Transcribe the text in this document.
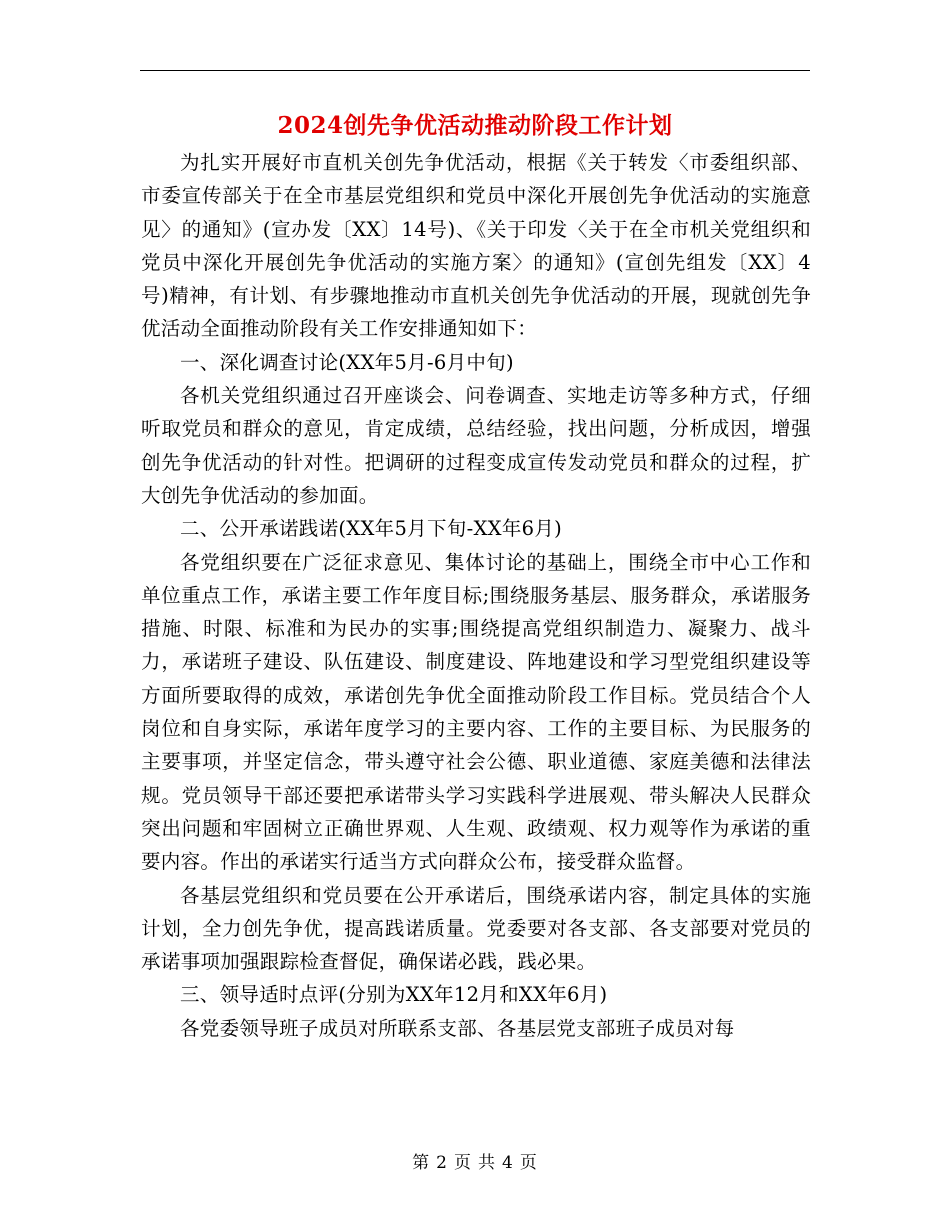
2024创先争优活动推动阶段工作计划

为扎实开展好市直机关创先争优活动，根据《关于转发〈市委组织部、市委宣传部关于在全市基层党组织和党员中深化开展创先争优活动的实施意见〉的通知》(宣办发〔XX〕14号)、《关于印发〈关于在全市机关党组织和党员中深化开展创先争优活动的实施方案〉的通知》(宣创先组发〔XX〕4号)精神，有计划、有步骤地推动市直机关创先争优活动的开展，现就创先争优活动全面推动阶段有关工作安排通知如下：

一、深化调查讨论(XX年5月-6月中旬)

各机关党组织通过召开座谈会、问卷调查、实地走访等多种方式，仔细听取党员和群众的意见，肯定成绩，总结经验，找出问题，分析成因，增强创先争优活动的针对性。把调研的过程变成宣传发动党员和群众的过程，扩大创先争优活动的参加面。

二、公开承诺践诺(XX年5月下旬-XX年6月)

各党组织要在广泛征求意见、集体讨论的基础上，围绕全市中心工作和单位重点工作，承诺主要工作年度目标;围绕服务基层、服务群众，承诺服务措施、时限、标准和为民办的实事;围绕提高党组织制造力、凝聚力、战斗力，承诺班子建设、队伍建设、制度建设、阵地建设和学习型党组织建设等方面所要取得的成效，承诺创先争优全面推动阶段工作目标。党员结合个人岗位和自身实际，承诺年度学习的主要内容、工作的主要目标、为民服务的主要事项，并坚定信念，带头遵守社会公德、职业道德、家庭美德和法律法规。党员领导干部还要把承诺带头学习实践科学进展观、带头解决人民群众突出问题和牢固树立正确世界观、人生观、政绩观、权力观等作为承诺的重要内容。作出的承诺实行适当方式向群众公布，接受群众监督。

各基层党组织和党员要在公开承诺后，围绕承诺内容，制定具体的实施计划，全力创先争优，提高践诺质量。党委要对各支部、各支部要对党员的承诺事项加强跟踪检查督促，确保诺必践，践必果。

三、领导适时点评(分别为XX年12月和XX年6月)

各党委领导班子成员对所联系支部、各基层党支部班子成员对每

第 2 页 共 4 页
